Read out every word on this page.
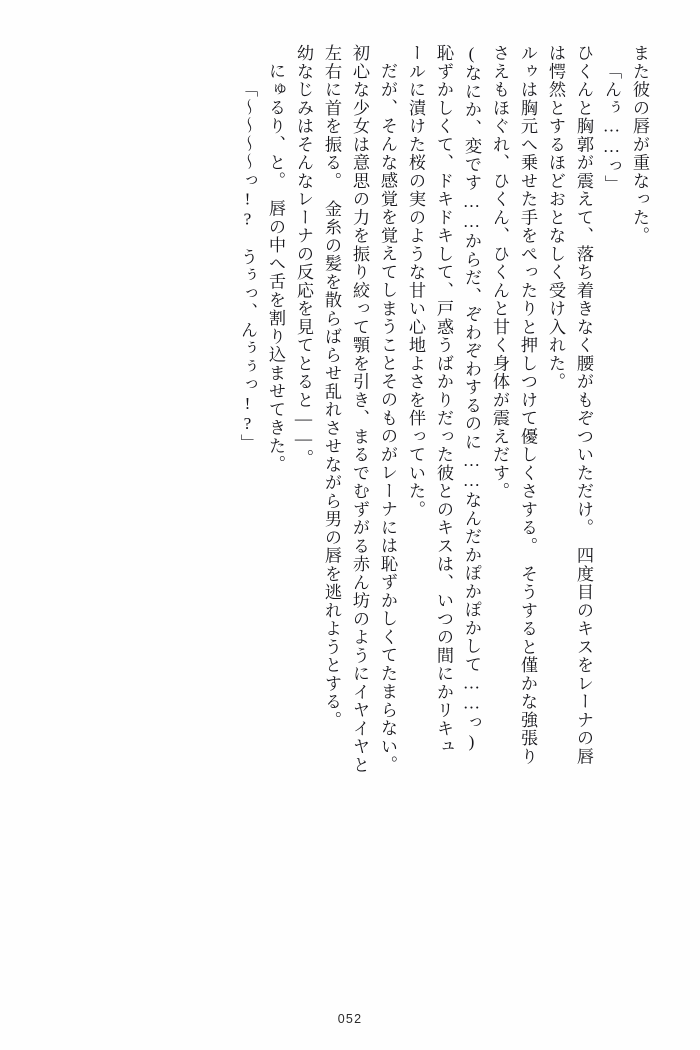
また彼の唇が重なった。
「んぅ……っ」
ひくんと胸郭が震えて、落ち着きなく腰がもぞついただけ。　四度目のキスをレーナの唇
は愕然とするほどおとなしく受け入れた。
ルゥは胸元へ乗せた手をぺったりと押しつけて優しくさする。　そうすると僅かな強張り
さえもほぐれ、ひくん、ひくんと甘く身体が震えだす。
(なにか、変です……からだ、ぞわぞわするのに……なんだかぽかぽかして……っ)
恥ずかしくて、ドキドキして、戸惑うばかりだった彼とのキスは、いつの間にかリキュ
ールに漬けた桜の実のような甘い心地よさを伴っていた。
だが、そんな感覚を覚えてしまうことそのものがレーナには恥ずかしくてたまらない。
初心な少女は意思の力を振り絞って顎を引き、まるでむずがる赤ん坊のようにイヤイヤと
左右に首を振る。　金糸の髪を散らばらせ乱れさせながら男の唇を逃れようとする。
幼なじみはそんなレーナの反応を見てとると——。
にゅるり、と。　唇の中へ舌を割り込ませてきた。
「〜〜〜〜っ!?　うぅっ、んぅぅっ!?」
052
